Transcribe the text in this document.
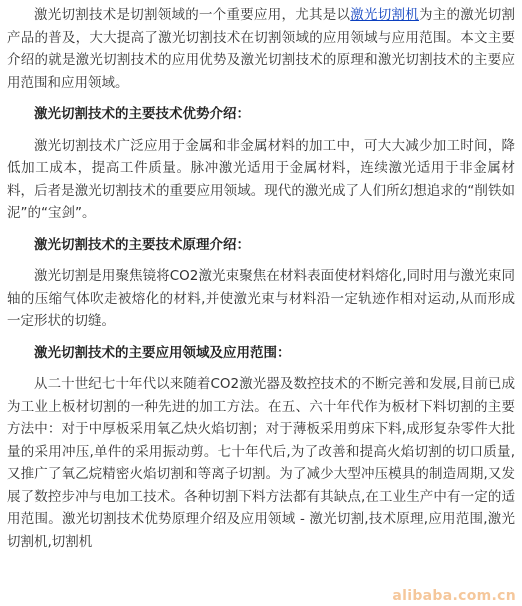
激光切割技术是切割领域的一个重要应用，尤其是以激光切割机为主的激光切割产品的普及，大大提高了激光切割技术在切割领域的应用领域与应用范围。本文主要介绍的就是激光切割技术的应用优势及激光切割技术的原理和激光切割技术的主要应用范围和应用领域。

激光切割技术的主要技术优势介绍：

激光切割技术广泛应用于金属和非金属材料的加工中，可大大减少加工时间，降低加工成本，提高工件质量。脉冲激光适用于金属材料，连续激光适用于非金属材料，后者是激光切割技术的重要应用领域。现代的激光成了人们所幻想追求的“削铁如泥”的“宝剑”。

激光切割技术的主要技术原理介绍：

激光切割是用聚焦镜将CO2激光束聚焦在材料表面使材料熔化,同时用与激光束同轴的压缩气体吹走被熔化的材料,并使激光束与材料沿一定轨迹作相对运动,从而形成一定形状的切缝。

激光切割技术的主要应用领域及应用范围：

从二十世纪七十年代以来随着CO2激光器及数控技术的不断完善和发展,目前已成为工业上板材切割的一种先进的加工方法。在五、六十年代作为板材下料切割的主要方法中：对于中厚板采用氧乙炔火焰切割；对于薄板采用剪床下料,成形复杂零件大批量的采用冲压,单件的采用振动剪。七十年代后,为了改善和提高火焰切割的切口质量,又推广了氧乙烷精密火焰切割和等离子切割。为了减少大型冲压模具的制造周期,又发展了数控步冲与电加工技术。各种切割下料方法都有其缺点,在工业生产中有一定的适用范围。激光切割技术优势原理介绍及应用领域 - 激光切割,技术原理,应用范围,激光切割机,切割机

alibaba.com.cn
